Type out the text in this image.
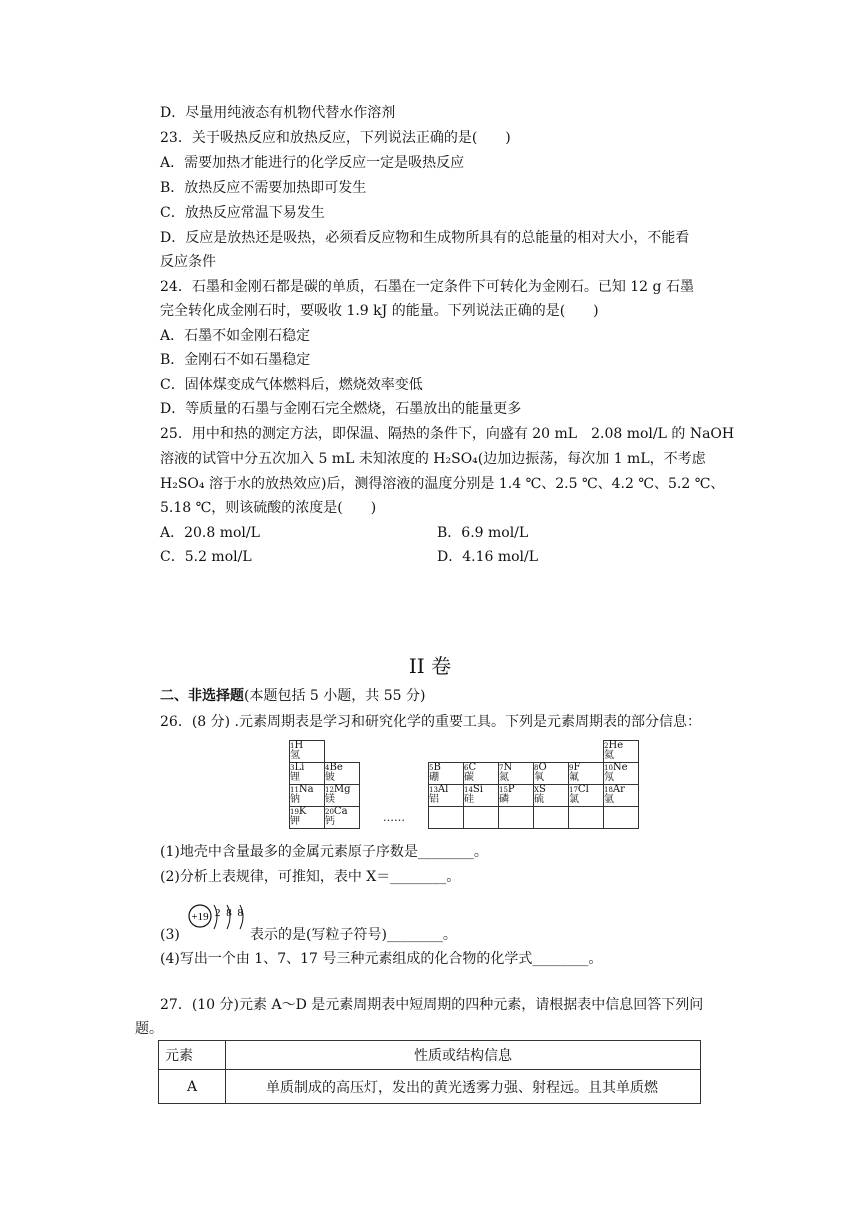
D．尽量用纯液态有机物代替水作溶剂
23．关于吸热反应和放热反应，下列说法正确的是(　　)
A．需要加热才能进行的化学反应一定是吸热反应
B．放热反应不需要加热即可发生
C．放热反应常温下易发生
D．反应是放热还是吸热，必须看反应物和生成物所具有的总能量的相对大小，不能看
反应条件
24．石墨和金刚石都是碳的单质，石墨在一定条件下可转化为金刚石。已知 12 g 石墨
完全转化成金刚石时，要吸收 1.9 kJ 的能量。下列说法正确的是(　　)
A．石墨不如金刚石稳定
B．金刚石不如石墨稳定
C．固体煤变成气体燃料后，燃烧效率变低
D．等质量的石墨与金刚石完全燃烧，石墨放出的能量更多
25．用中和热的测定方法，即保温、隔热的条件下，向盛有 20 mL　2.08 mol/L 的 NaOH
溶液的试管中分五次加入 5 mL 未知浓度的 H₂SO₄(边加边振荡，每次加 1 mL，不考虑
H₂SO₄ 溶于水的放热效应)后，测得溶液的温度分别是 1.4 ℃、2.5 ℃、4.2 ℃、5.2 ℃、
5.18 ℃，则该硫酸的浓度是(　　)
A．20.8 mol/L	B．6.9 mol/L
C．5.2 mol/L	D．4.16 mol/L
II 卷
二、非选择题(本题包括 5 小题，共 55 分)
26．(8 分) .元素周期表是学习和研究化学的重要工具。下列是元素周期表的部分信息：
1H
氢									2He
氦

3Li
锂	4Be
铍			5B
硼	6C
碳	7N
氮	8O
氧	9F
氟	10Ne
氖

11Na
钠	12Mg
镁			13Al
铝	14Si
硅	15P
磷	XS
硫	17Cl
氯	18Ar
氩

19K
钾	20Ca
钙	……							
(1)地壳中含量最多的金属元素原子序数是________。
(2)分析上表规律，可推知，表中 X＝________。
(3)
+19 2 8 8
表示的是(写粒子符号)________。
(4)写出一个由 1、7、17 号三种元素组成的化合物的化学式________。
27．(10 分)元素 A～D 是元素周期表中短周期的四种元素，请根据表中信息回答下列问
题。
元素	性质或结构信息
A	单质制成的高压灯，发出的黄光透雾力强、射程远。且其单质燃
